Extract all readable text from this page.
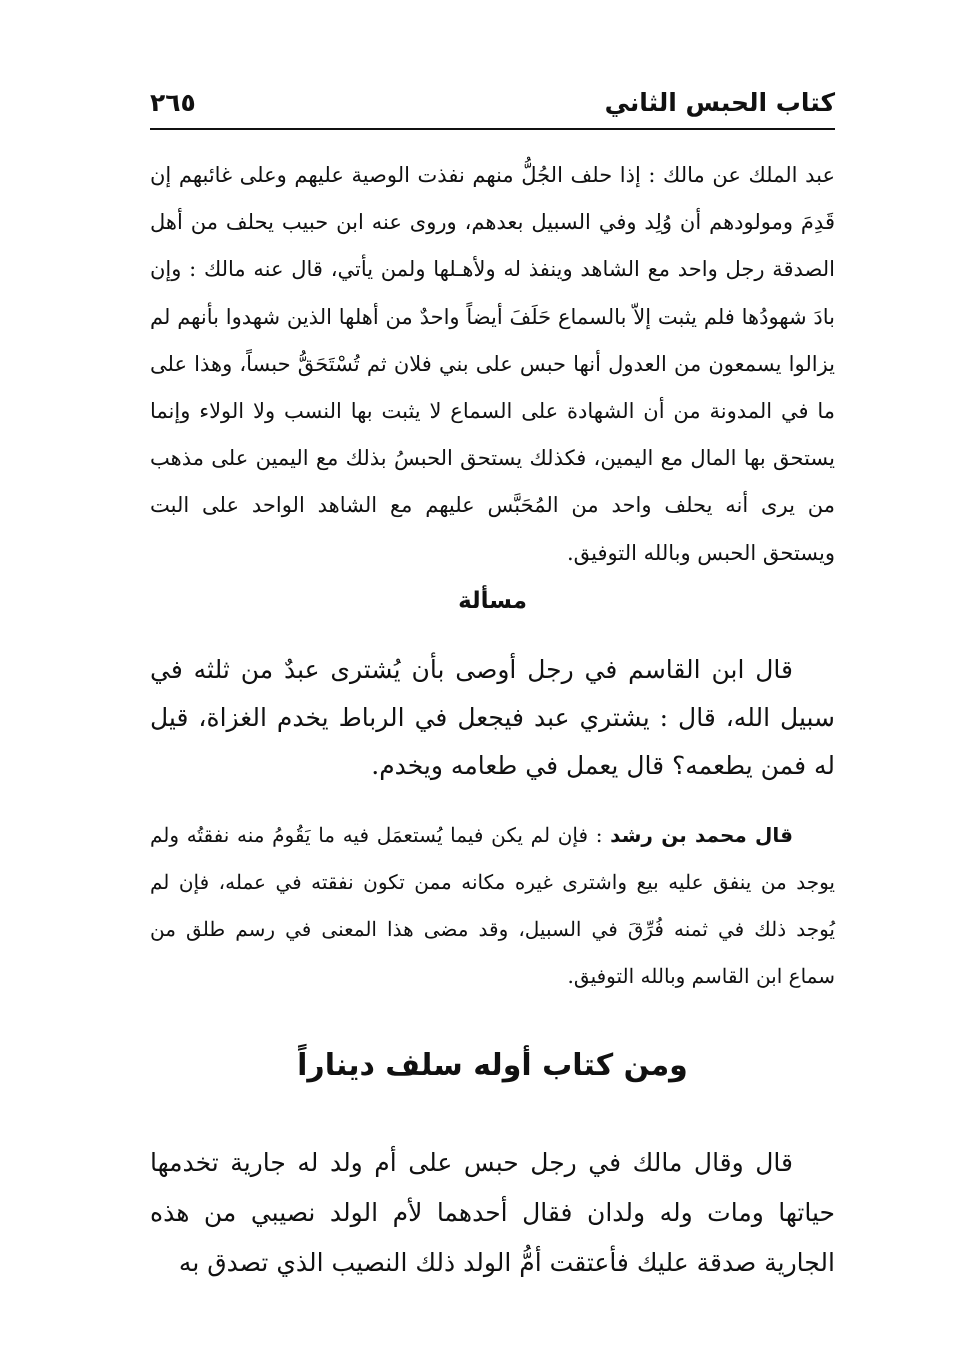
كتاب الحبس الثاني
٢٦٥

عبد الملك عن مالك : إذا حلف الجُلُّ منهم نفذت الوصية عليهم وعلى غائبهم إن قَدِمَ ومولودهم أن وُلِد وفي السبيل بعدهم، وروى عنه ابن حبيب يحلف من أهل الصدقة رجل واحد مع الشاهد وينفذ له ولأهـلها ولمن يأتي، قال عنه مالك : وإن بادَ شهودُها فلم يثبت إلاّ بالسماع حَلَفَ أيضاً واحدٌ من أهلها الذين شهدوا بأنهم لم يزالوا يسمعون من العدول أنها حبس على بني فلان ثم تُسْتَحَقُّ حبساً، وهذا على ما في المدونة من أن الشهادة على السماع لا يثبت بها النسب ولا الولاء وإنما يستحق بها المال مع اليمين، فكذلك يستحق الحبسُ بذلك مع اليمين على مذهب من يرى أنه يحلف واحد من المُحَبَّس عليهم مع الشاهد الواحد على البت ويستحق الحبس وبالله التوفيق.

مسألة

قال ابن القاسم في رجل أوصى بأن يُشترى عبدٌ من ثلثه في سبيل الله، قال : يشتري عبد فيجعل في الرباط يخدم الغزاة، قيل له فمن يطعمه؟ قال يعمل في طعامه ويخدم.

قال محمد بن رشد : فإن لم يكن فيما يُستعمَل فيه ما يَقُومُ منه نفقتُه ولم يوجد من ينفق عليه بيع واشترى غيره مكانه ممن تكون نفقته في عمله، فإن لم يُوجد ذلك في ثمنه فُرِّقَ في السبيل، وقد مضى هذا المعنى في رسم طلق من سماع ابن القاسم وبالله التوفيق.

ومن كتاب أوله سلف ديناراً

قال وقال مالك في رجل حبس على أم ولد له جارية تخدمها حياتها ومات وله ولدان فقال أحدهما لأم الولد نصيبي من هذه الجارية صدقة عليك فأعتقت أمُّ الولد ذلك النصيب الذي تصدق به
